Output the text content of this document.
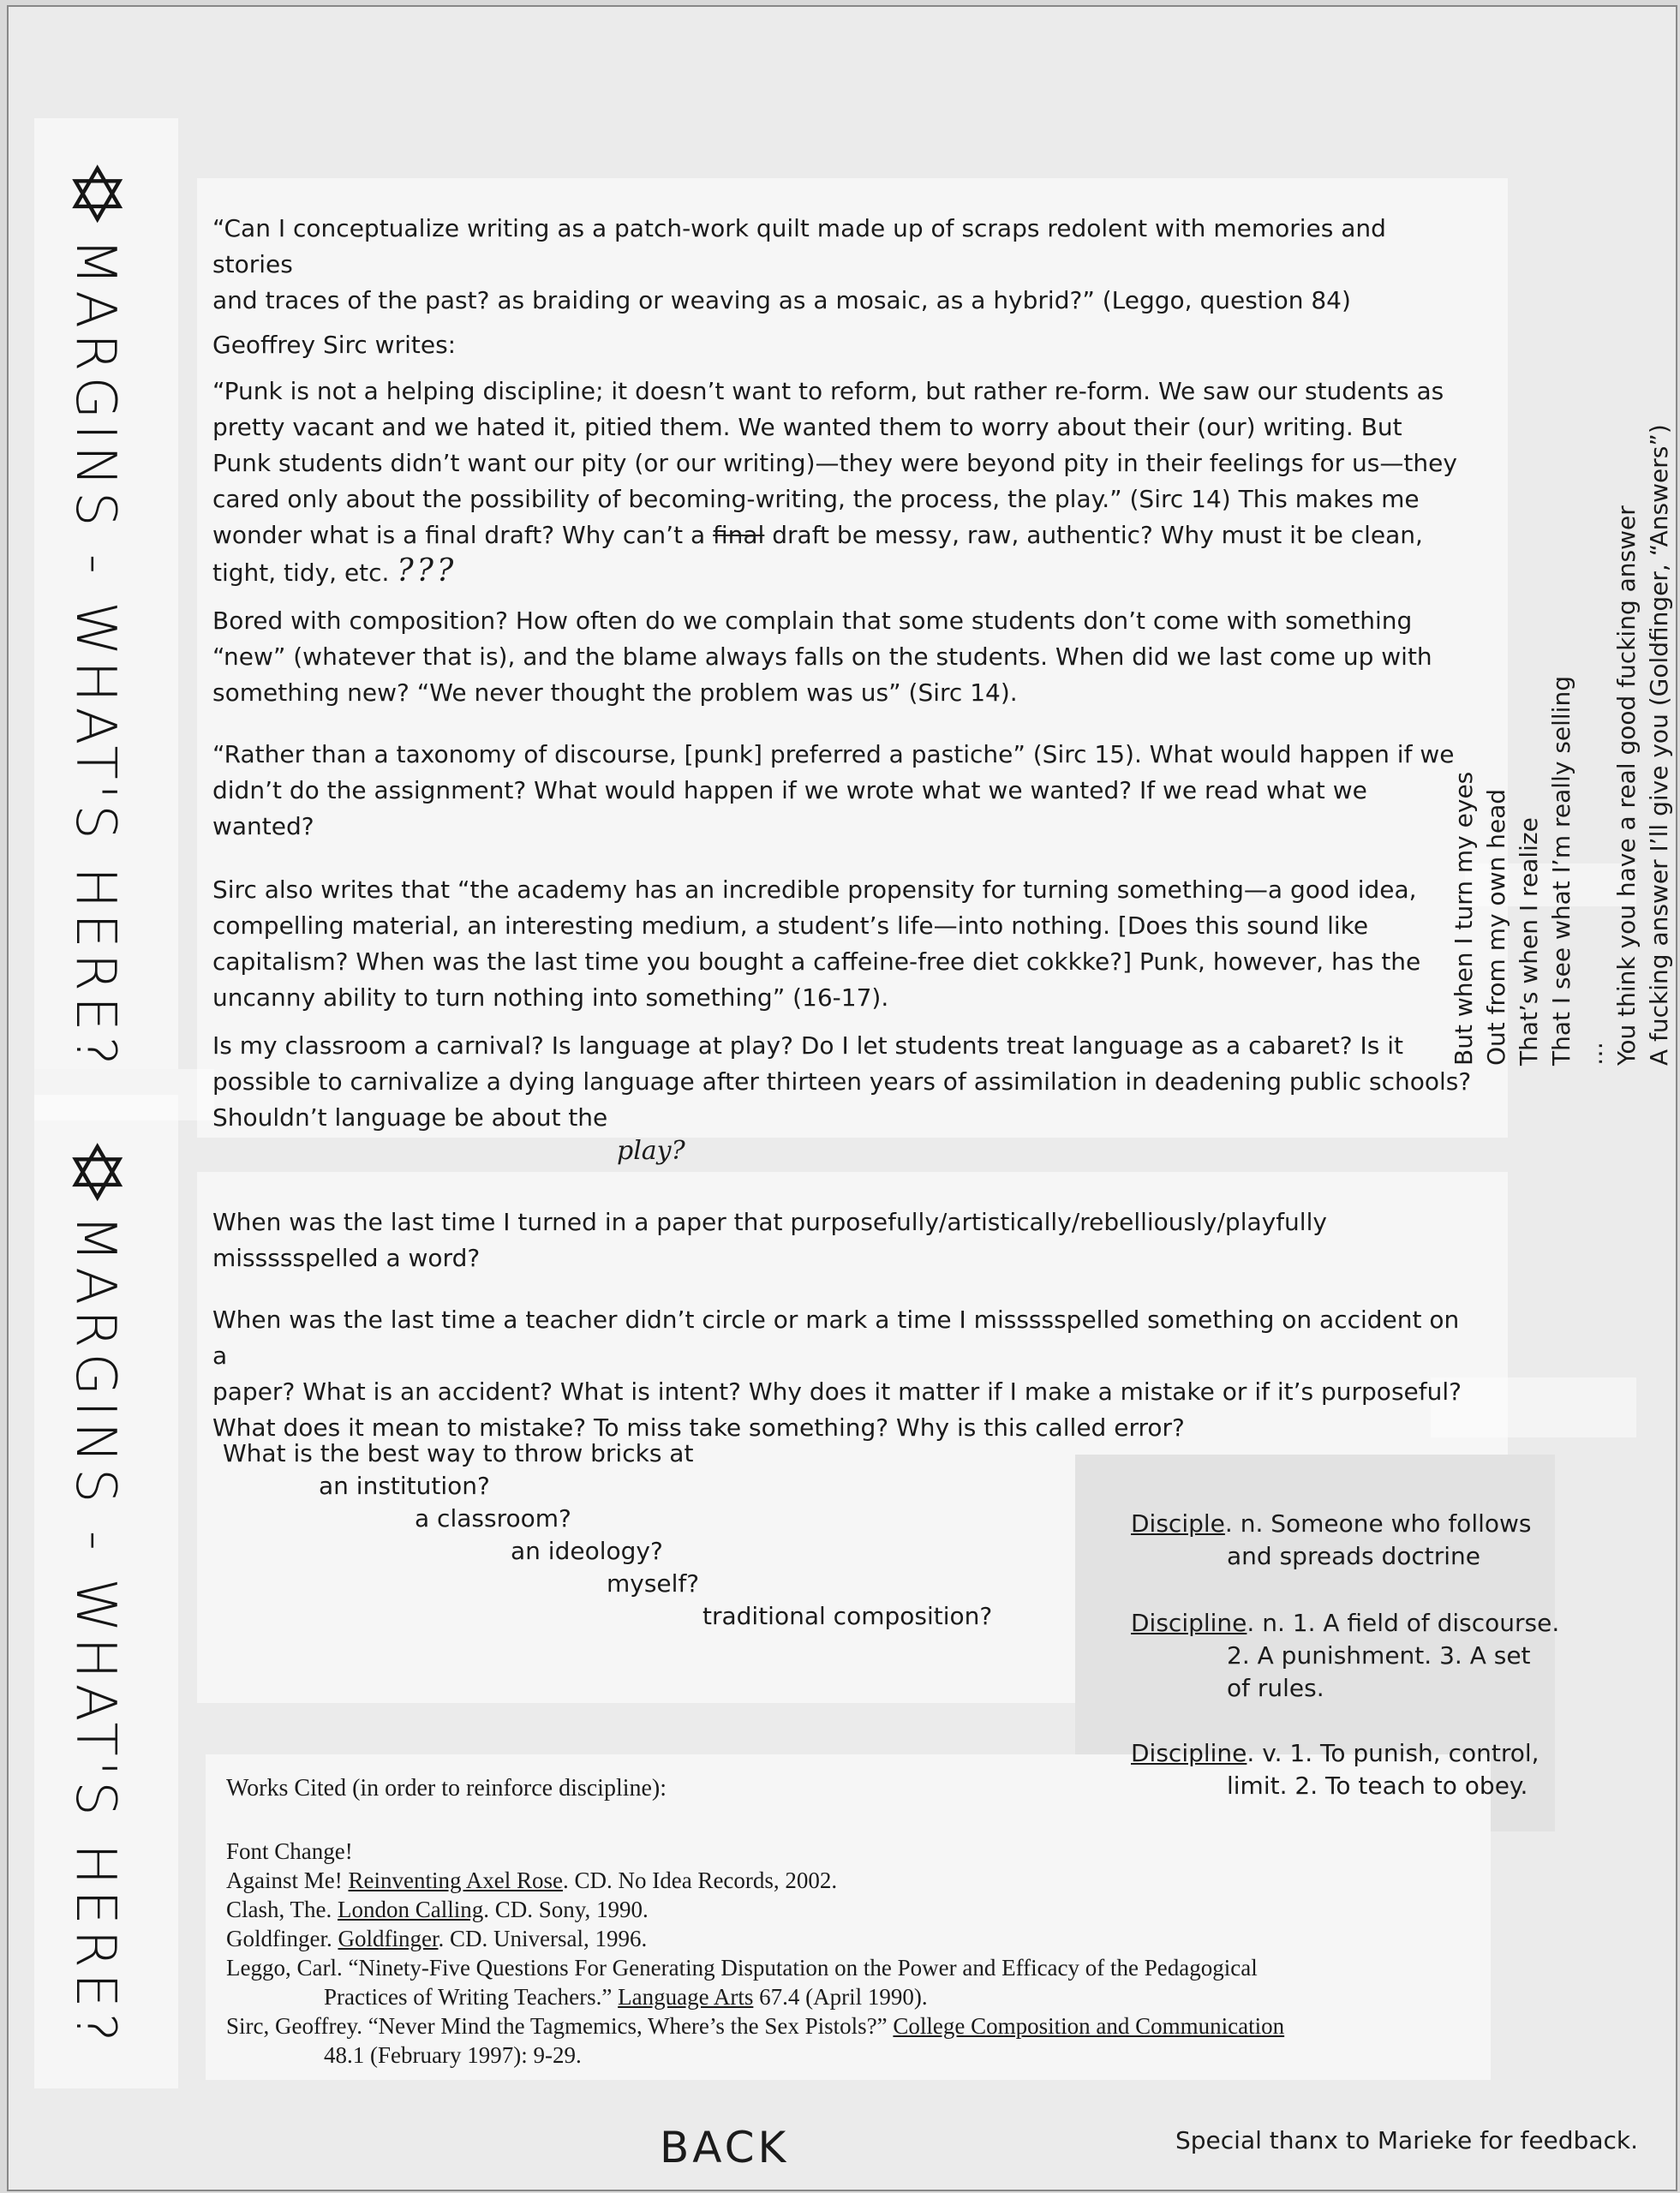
✡
MARGINS - WHAT'S HERE?
✡
MARGINS - WHAT'S HERE?

“Can I conceptualize writing as a patch-work quilt made up of scraps redolent with memories and stories

and traces of the past? as braiding or weaving as a mosaic, as a hybrid?” (Leggo, question 84)

Geoffrey Sirc writes:

“Punk is not a helping discipline; it doesn’t want to reform, but rather re-form. We saw our students as

pretty vacant and we hated it, pitied them. We wanted them to worry about their (our) writing. But

Punk students didn’t want our pity (or our writing)—they were beyond pity in their feelings for us—they

cared only about the possibility of becoming-writing, the process, the play.” (Sirc 14) This makes me

wonder what is a final draft? Why can’t a final draft be messy, raw, authentic? Why must it be clean,

tight, tidy, etc. ???

Bored with composition? How often do we complain that some students don’t come with something

“new” (whatever that is), and the blame always falls on the students. When did we last come up with

something new? “We never thought the problem was us” (Sirc 14).

“Rather than a taxonomy of discourse, [punk] preferred a pastiche” (Sirc 15). What would happen if we

didn’t do the assignment? What would happen if we wrote what we wanted? If we read what we

wanted?

Sirc also writes that “the academy has an incredible propensity for turning something—a good idea,

compelling material, an interesting medium, a student’s life—into nothing. [Does this sound like

capitalism? When was the last time you bought a caffeine-free diet cokkke?] Punk, however, has the

uncanny ability to turn nothing into something” (16-17).

Is my classroom a carnival? Is language at play? Do I let students treat language as a cabaret? Is it

possible to carnivalize a dying language after thirteen years of assimilation in deadening public schools?

Shouldn’t language be about the

play?

When was the last time I turned in a paper that purposefully/artistically/rebelliously/playfully

missssspelled a word?

When was the last time a teacher didn’t circle or mark a time I missssspelled something on accident on a

paper? What is an accident? What is intent? Why does it matter if I make a mistake or if it’s purposeful?

What does it mean to mistake? To miss take something? Why is this called error?

What is the best way to throw bricks at
an institution?
a classroom?
an ideology?
myself?
traditional composition?
Disciple. n. Someone who follows
and spreads doctrine
Discipline. n. 1. A field of discourse.
2. A punishment. 3. A set
of rules.
Discipline. v. 1. To punish, control,
limit. 2. To teach to obey.
But when I turn my eyes Out from my own head That’s when I realize That I see what I’m really selling … You think you have a real good fucking answer A fucking answer I’ll give you (Goldfinger, “Answers”)
Works Cited (in order to reinforce discipline):

Font Change!

Against Me! Reinventing Axel Rose. CD. No Idea Records, 2002.

Clash, The. London Calling. CD. Sony, 1990.

Goldfinger. Goldfinger. CD. Universal, 1996.

Leggo, Carl. “Ninety-Five Questions For Generating Disputation on the Power and Efficacy of the Pedagogical

Practices of Writing Teachers.” Language Arts 67.4 (April 1990).

Sirc, Geoffrey. “Never Mind the Tagmemics, Where’s the Sex Pistols?” College Composition and Communication

48.1 (February 1997): 9-29.

BACK	Special thanx to Marieke for feedback.
